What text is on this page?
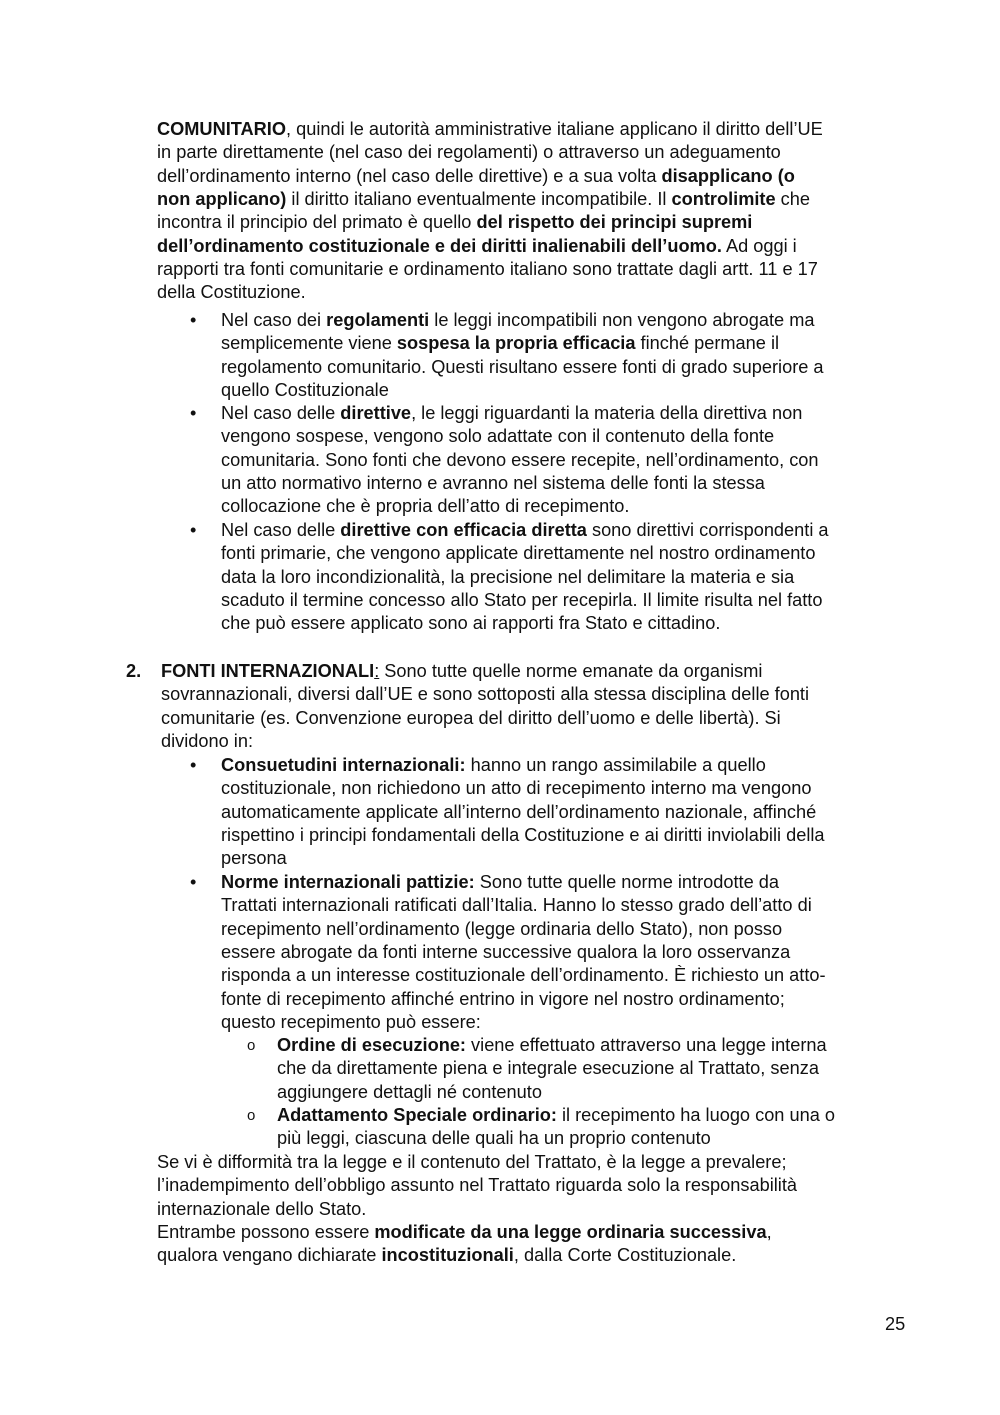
COMUNITARIO, quindi le autorità amministrative italiane applicano il diritto dell’UE
in parte direttamente (nel caso dei regolamenti) o attraverso un adeguamento
dell’ordinamento interno (nel caso delle direttive) e a sua volta disapplicano (o
non applicano) il diritto italiano eventualmente incompatibile. Il controlimite che
incontra il principio del primato è quello del rispetto dei principi supremi
dell’ordinamento costituzionale e dei diritti inalienabili dell’uomo. Ad oggi i
rapporti tra fonti comunitarie e ordinamento italiano sono trattate dagli artt. 11 e 17
della Costituzione.
• Nel caso dei regolamenti le leggi incompatibili non vengono abrogate ma
semplicemente viene sospesa la propria efficacia finché permane il
regolamento comunitario. Questi risultano essere fonti di grado superiore a
quello Costituzionale
• Nel caso delle direttive, le leggi riguardanti la materia della direttiva non
vengono sospese, vengono solo adattate con il contenuto della fonte
comunitaria. Sono fonti che devono essere recepite, nell’ordinamento, con
un atto normativo interno e avranno nel sistema delle fonti la stessa
collocazione che è propria dell’atto di recepimento.
• Nel caso delle direttive con efficacia diretta sono direttivi corrispondenti a
fonti primarie, che vengono applicate direttamente nel nostro ordinamento
data la loro incondizionalità, la precisione nel delimitare la materia e sia
scaduto il termine concesso allo Stato per recepirla. Il limite risulta nel fatto
che può essere applicato sono ai rapporti fra Stato e cittadino.
2. FONTI INTERNAZIONALI: Sono tutte quelle norme emanate da organismi
sovrannazionali, diversi dall’UE e sono sottoposti alla stessa disciplina delle fonti
comunitarie (es. Convenzione europea del diritto dell’uomo e delle libertà). Si
dividono in:
• Consuetudini internazionali: hanno un rango assimilabile a quello
costituzionale, non richiedono un atto di recepimento interno ma vengono
automaticamente applicate all’interno dell’ordinamento nazionale, affinché
rispettino i principi fondamentali della Costituzione e ai diritti inviolabili della
persona
• Norme internazionali pattizie: Sono tutte quelle norme introdotte da
Trattati internazionali ratificati dall’Italia. Hanno lo stesso grado dell’atto di
recepimento nell’ordinamento (legge ordinaria dello Stato), non posso
essere abrogate da fonti interne successive qualora la loro osservanza
risponda a un interesse costituzionale dell’ordinamento. È richiesto un atto-
fonte di recepimento affinché entrino in vigore nel nostro ordinamento;
questo recepimento può essere:
o Ordine di esecuzione: viene effettuato attraverso una legge interna
che da direttamente piena e integrale esecuzione al Trattato, senza
aggiungere dettagli né contenuto
o Adattamento Speciale ordinario: il recepimento ha luogo con una o
più leggi, ciascuna delle quali ha un proprio contenuto
Se vi è difformità tra la legge e il contenuto del Trattato, è la legge a prevalere;
l’inadempimento dell’obbligo assunto nel Trattato riguarda solo la responsabilità
internazionale dello Stato.
Entrambe possono essere modificate da una legge ordinaria successiva,
qualora vengano dichiarate incostituzionali, dalla Corte Costituzionale.
25
